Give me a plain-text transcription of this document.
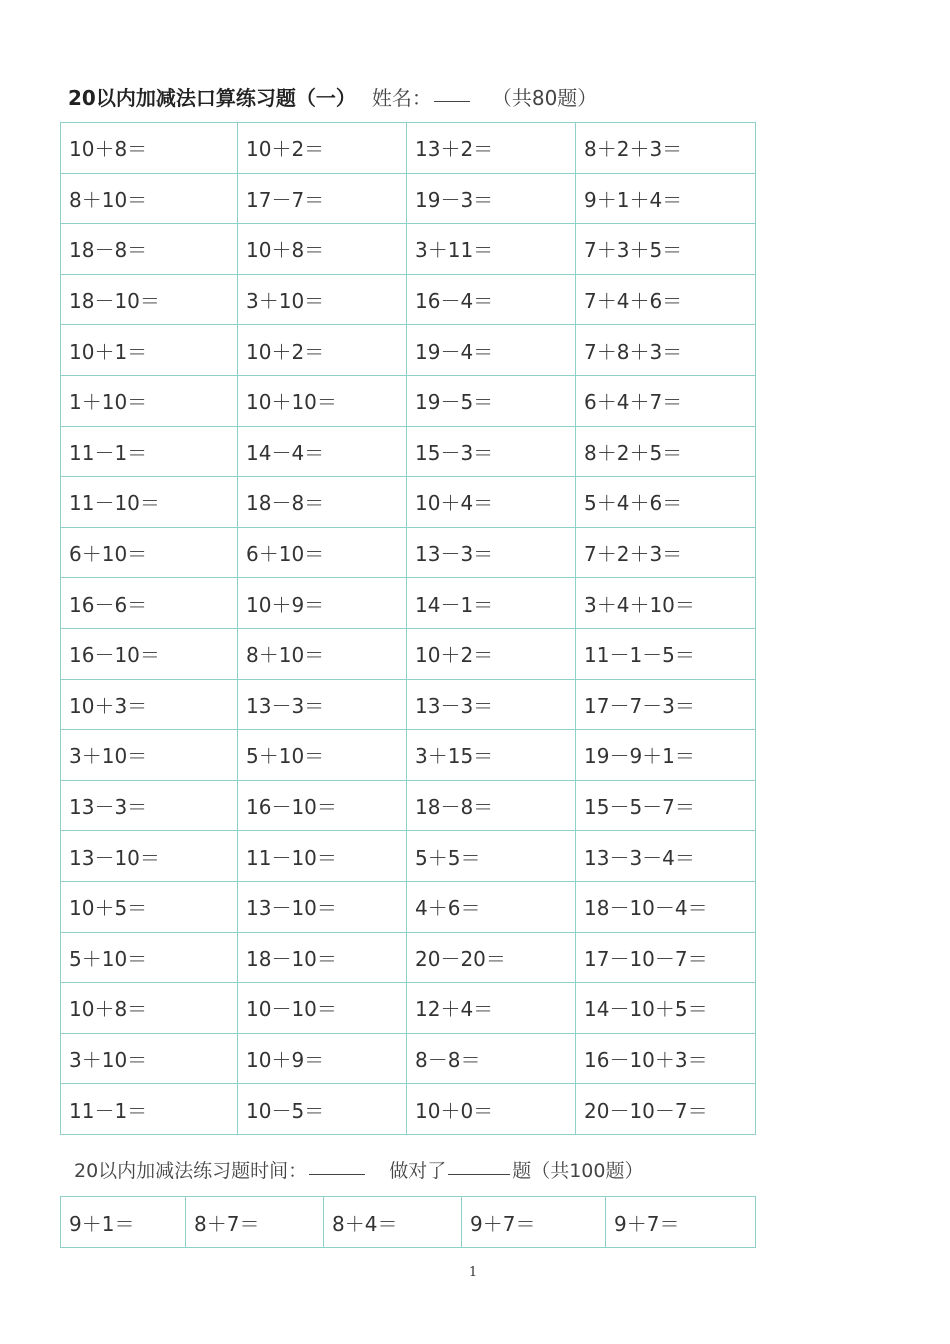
20以内加减法口算练习题（一） 姓名：	（共80题）
10＋8＝	10＋2＝	13＋2＝	8＋2＋3＝
8＋10＝	17－7＝	19－3＝	9＋1＋4＝
18－8＝	10＋8＝	3＋11＝	7＋3＋5＝
18－10＝	3＋10＝	16－4＝	7＋4＋6＝
10＋1＝	10＋2＝	19－4＝	7＋8＋3＝
1＋10＝	10＋10＝	19－5＝	6＋4＋7＝
11－1＝	14－4＝	15－3＝	8＋2＋5＝
11－10＝	18－8＝	10＋4＝	5＋4＋6＝
6＋10＝	6＋10＝	13－3＝	7＋2＋3＝
16－6＝	10＋9＝	14－1＝	3＋4＋10＝
16－10＝	8＋10＝	10＋2＝	11－1－5＝
10＋3＝	13－3＝	13－3＝	17－7－3＝
3＋10＝	5＋10＝	3＋15＝	19－9＋1＝
13－3＝	16－10＝	18－8＝	15－5－7＝
13－10＝	11－10＝	5＋5＝	13－3－4＝
10＋5＝	13－10＝	4＋6＝	18－10－4＝
5＋10＝	18－10＝	20－20＝	17－10－7＝
10＋8＝	10－10＝	12＋4＝	14－10＋5＝
3＋10＝	10＋9＝	8－8＝	16－10＋3＝
11－1＝	10－5＝	10＋0＝	20－10－7＝
20以内加减法练习题时间：	做对了	题（共100题）
9＋1＝	8＋7＝	8＋4＝	9＋7＝	9＋7＝
1
